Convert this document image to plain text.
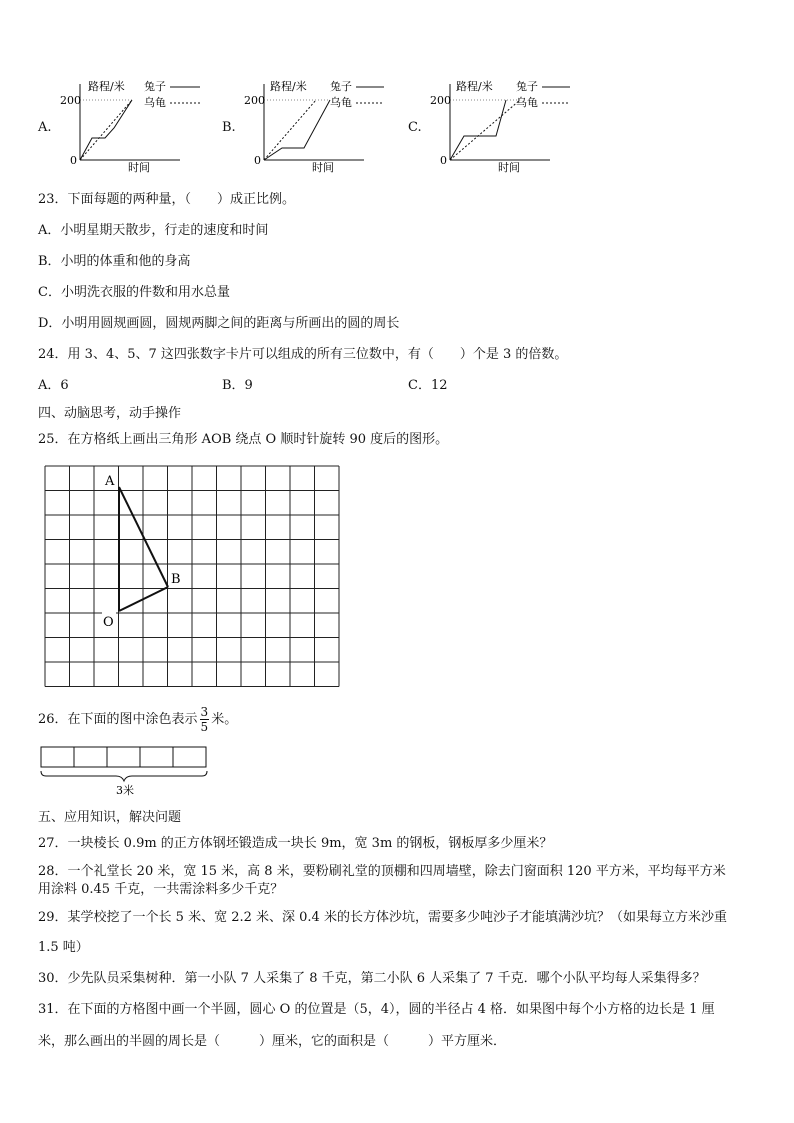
A.
200
0
路程/米
时间
兔子
乌龟
B.
200
0
路程/米
时间
兔子
乌龟
C.
200
0
路程/米
时间
兔子
乌龟
23．下面每题的两种量，（　　）成正比例。
A．小明星期天散步，行走的速度和时间
B．小明的体重和他的身高
C．小明洗衣服的件数和用水总量
D．小明用圆规画圆，圆规两脚之间的距离与所画出的圆的周长
24．用 3、4、5、7 这四张数字卡片可以组成的所有三位数中，有（　　）个是 3 的倍数。
A．6	B．9	C．12
四、动脑思考，动手操作
25．在方格纸上画出三角形 AOB 绕点 O 顺时针旋转 90 度后的图形。
A
B
O
26．在下面的图中涂色表示 $\frac{3}{5}$ 米。
3米
五、应用知识，解决问题
27．一块棱长 0.9m 的正方体钢坯锻造成一块长 9m，宽 3m 的钢板，钢板厚多少厘米？
28．一个礼堂长 20 米，宽 15 米，高 8 米，要粉刷礼堂的顶棚和四周墙壁，除去门窗面积 120 平方米，平均每平方米
用涂料 0.45 千克，一共需涂料多少千克？
29．某学校挖了一个长 5 米、宽 2.2 米、深 0.4 米的长方体沙坑，需要多少吨沙子才能填满沙坑？（如果每立方米沙重
1.5 吨）
30．少先队员采集树种．第一小队 7 人采集了 8 千克，第二小队 6 人采集了 7 千克．哪个小队平均每人采集得多？
31．在下面的方格图中画一个半圆，圆心 O 的位置是（5，4），圆的半径占 4 格．如果图中每个小方格的边长是 1 厘
米，那么画出的半圆的周长是（　　　）厘米，它的面积是（　　　）平方厘米．
